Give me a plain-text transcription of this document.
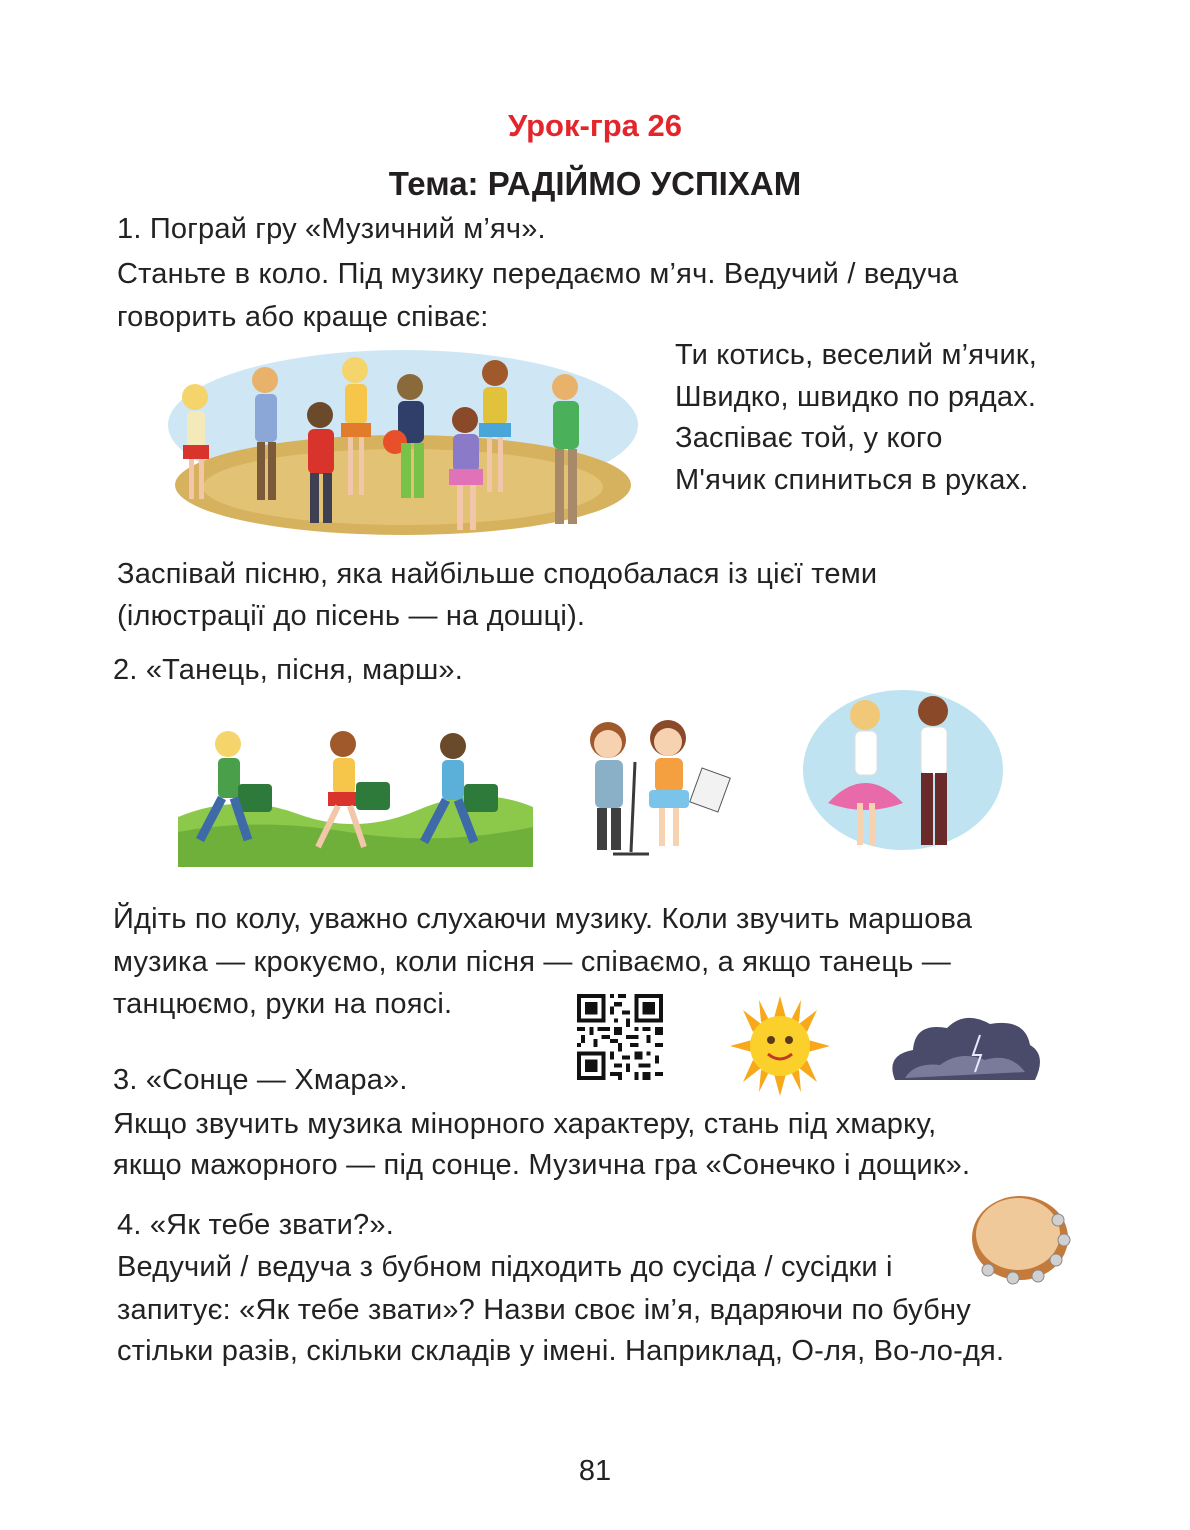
Урок-гра 26
Тема: РАДІЙМО УСПІХАМ
1. Пограй гру «Музичний м’яч».
Станьте в коло. Під музику передаємо м’яч. Ведучий / ведуча
говорить або краще співає:
Ти котись, веселий м’ячик,
Швидко, швидко по рядах.
Заспіває той, у кого
М'ячик спиниться в руках.
Заспівай пісню, яка найбільше сподобалася із цієї теми
(ілюстрації до пісень — на дошці).
2. «Танець, пісня, марш».
Йдіть по колу, уважно слухаючи музику. Коли звучить маршова
музика — крокуємо, коли пісня — співаємо, а якщо танець —
танцюємо, руки на поясі.
3. «Сонце — Хмара».
Якщо звучить музика мінорного характеру, стань під хмарку,
якщо мажорного — під сонце. Музична гра «Сонечко і дощик».
4. «Як тебе звати?».
Ведучий / ведуча з бубном підходить до сусіда / сусідки і
запитує: «Як тебе звати»? Назви своє ім’я, вдаряючи по бубну
стільки разів, скільки складів у імені. Наприклад, О-ля, Во-ло-дя.
81
